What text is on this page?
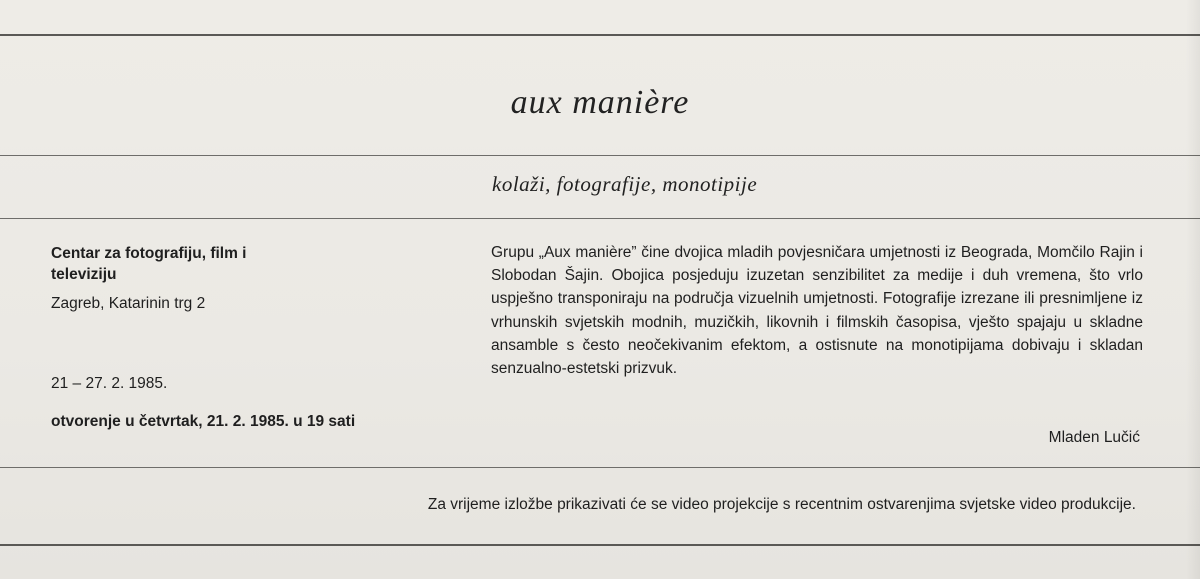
aux manière
kolaži, fotografije, monotipije
Centar za fotografiju, film i televiziju
Zagreb, Katarinin trg 2
21 – 27. 2. 1985.
otvorenje u četvrtak, 21. 2. 1985. u 19 sati
Grupu „Aux manière” čine dvojica mladih povjesničara umjetnosti iz Beograda, Momčilo Rajin i Slobodan Šajin. Obojica posjeduju izuzetan senzibilitet za medije i duh vremena, što vrlo uspješno transponiraju na područja vizuelnih umjetnosti. Fotografije izrezane ili presnimljene iz vrhunskih svjetskih modnih, muzičkih, likovnih i filmskih časopisa, vješto spajaju u skladne ansamble s često neočekivanim efektom, a ostisnute na monotipijama dobivaju i skladan senzualno-estetski prizvuk.
Mladen Lučić
Za vrijeme izložbe prikazivati će se video projekcije s recentnim ostvarenjima svjetske video produkcije.
